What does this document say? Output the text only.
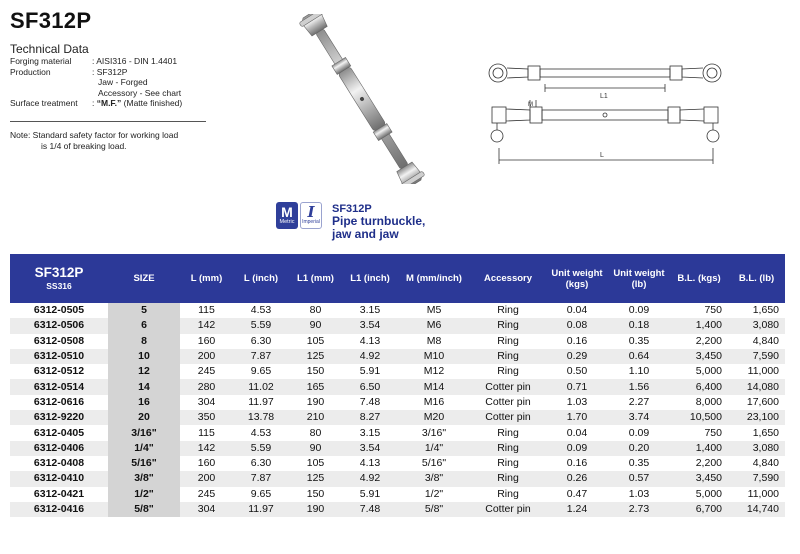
SF312P
Technical Data
Forging material	: AISI316 - DIN 1.4401
Production	: SF312P
	Jaw - Forged
	Accessory - See chart
Surface treatment	: “M.F.” (Matte finished)
Note: Standard safety factor for working load
is 1/4 of breaking load.
L1
L
M
M
Metric
I
Imperial
SF312P
Pipe turnbuckle, jaw and jaw
SF312P
SS316	SIZE	L (mm)	L (inch)	L1 (mm)	L1 (inch)	M (mm/inch)	Accessory	Unit weight (kgs)	Unit weight (lb)	B.L. (kgs)	B.L. (lb)
6312-0505	5	115	4.53	80	3.15	M5	Ring	0.04	0.09	750	1,650
6312-0506	6	142	5.59	90	3.54	M6	Ring	0.08	0.18	1,400	3,080
6312-0508	8	160	6.30	105	4.13	M8	Ring	0.16	0.35	2,200	4,840
6312-0510	10	200	7.87	125	4.92	M10	Ring	0.29	0.64	3,450	7,590
6312-0512	12	245	9.65	150	5.91	M12	Ring	0.50	1.10	5,000	11,000
6312-0514	14	280	11.02	165	6.50	M14	Cotter pin	0.71	1.56	6,400	14,080
6312-0616	16	304	11.97	190	7.48	M16	Cotter pin	1.03	2.27	8,000	17,600
6312-9220	20	350	13.78	210	8.27	M20	Cotter pin	1.70	3.74	10,500	23,100
6312-0405	3/16"	115	4.53	80	3.15	3/16"	Ring	0.04	0.09	750	1,650
6312-0406	1/4"	142	5.59	90	3.54	1/4"	Ring	0.09	0.20	1,400	3,080
6312-0408	5/16"	160	6.30	105	4.13	5/16"	Ring	0.16	0.35	2,200	4,840
6312-0410	3/8"	200	7.87	125	4.92	3/8"	Ring	0.26	0.57	3,450	7,590
6312-0421	1/2"	245	9.65	150	5.91	1/2"	Ring	0.47	1.03	5,000	11,000
6312-0416	5/8"	304	11.97	190	7.48	5/8"	Cotter pin	1.24	2.73	6,700	14,740
